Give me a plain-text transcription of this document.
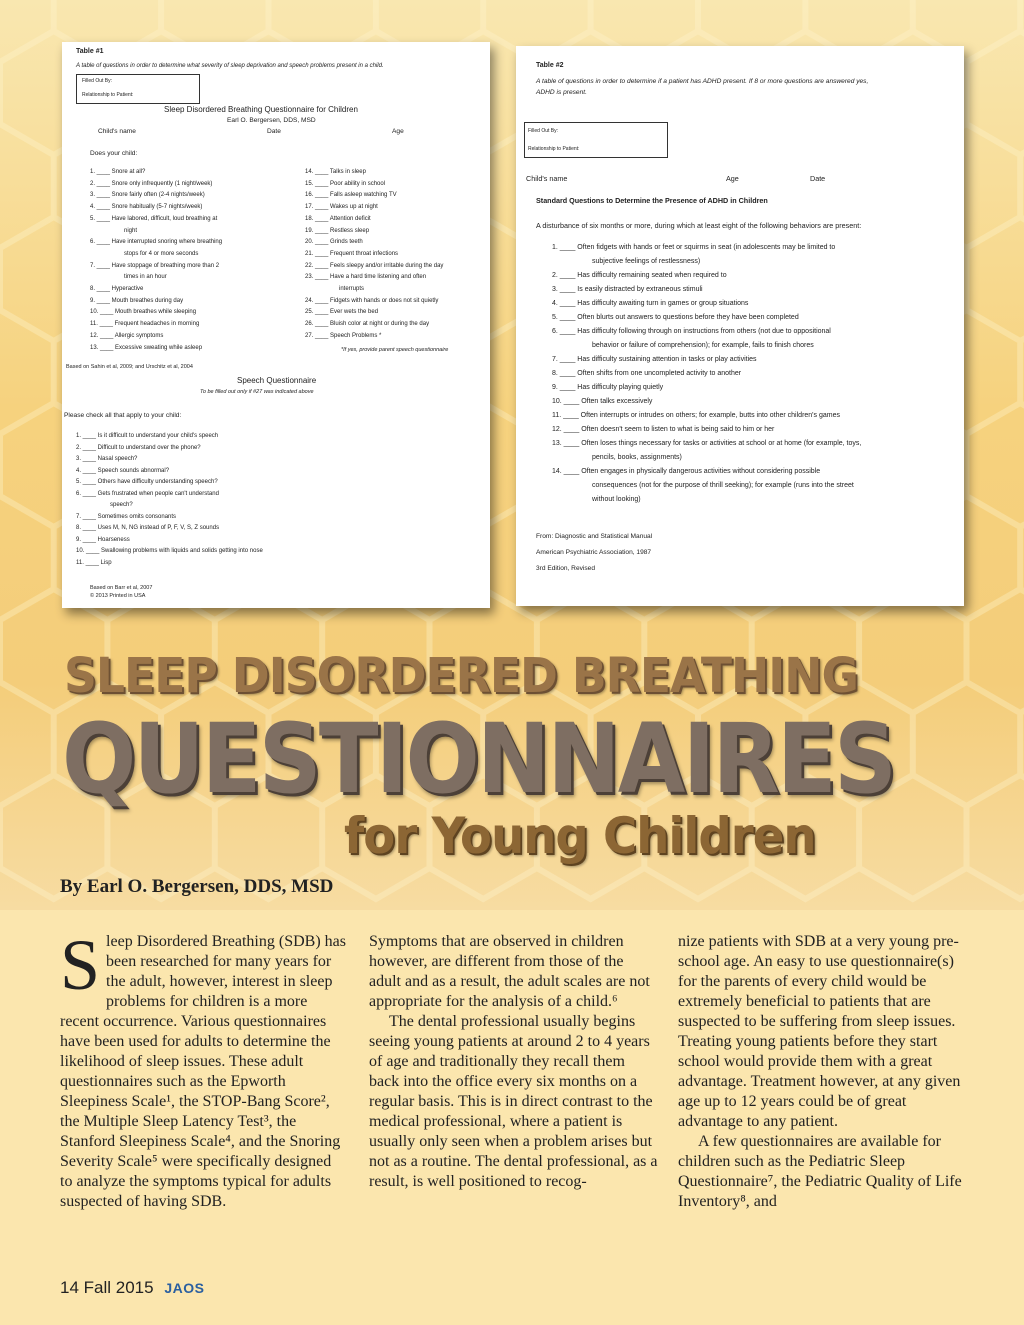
Table #1
A table of questions in order to determine what severity of sleep deprivation and speech problems present in a child.
Filled Out By:
Relationship to Patient:
Sleep Disordered Breathing Questionnaire for Children
Earl O. Bergersen, DDS, MSD
Child's name	Date	Age
Does your child:
1. ____ Snore at all?
2. ____ Snore only infrequently (1 night/week)
3. ____ Snore fairly often (2-4 nights/week)
4. ____ Snore habitually (5-7 nights/week)
5. ____ Have labored, difficult, loud breathing at
night
6. ____ Have interrupted snoring where breathing
stops for 4 or more seconds
7. ____ Have stoppage of breathing more than 2
times in an hour
8. ____ Hyperactive
9. ____ Mouth breathes during day
10. ____ Mouth breathes while sleeping
11. ____ Frequent headaches in morning
12. ____ Allergic symptoms
13. ____ Excessive sweating while asleep
14. ____ Talks in sleep
15. ____ Poor ability in school
16. ____ Falls asleep watching TV
17. ____ Wakes up at night
18. ____ Attention deficit
19. ____ Restless sleep
20. ____ Grinds teeth
21. ____ Frequent throat infections
22. ____ Feels sleepy and/or irritable during the day
23. ____ Have a hard time listening and often
interrupts
24. ____ Fidgets with hands or does not sit quietly
25. ____ Ever wets the bed
26. ____ Bluish color at night or during the day
27. ____ Speech Problems *
*If yes, provide parent speech questionnaire
Based on Sahin et al, 2009; and Urschitz et al, 2004
Speech Questionnaire
To be filled out only if #27 was indicated above
Please check all that apply to your child:
1. ____ Is it difficult to understand your child's speech
2. ____ Difficult to understand over the phone?
3. ____ Nasal speech?
4. ____ Speech sounds abnormal?
5. ____ Others have difficulty understanding speech?
6. ____ Gets frustrated when people can't understand
speech?
7. ____ Sometimes omits consonants
8. ____ Uses M, N, NG instead of P, F, V, S, Z sounds
9. ____ Hoarseness
10. ____ Swallowing problems with liquids and solids getting into nose
11. ____ Lisp
Based on Barr et al, 2007
© 2013 Printed in USA
Table #2
A table of questions in order to determine if a patient has ADHD present. If 8 or more questions are answered yes,
ADHD is present.
Filled Out By:
Relationship to Patient:
Child's name	Age	Date
Standard Questions to Determine the Presence of ADHD in Children
A disturbance of six months or more, during which at least eight of the following behaviors are present:
1. ____ Often fidgets with hands or feet or squirms in seat (in adolescents may be limited to
subjective feelings of restlessness)
2. ____ Has difficulty remaining seated when required to
3. ____ Is easily distracted by extraneous stimuli
4. ____ Has difficulty awaiting turn in games or group situations
5. ____ Often blurts out answers to questions before they have been completed
6. ____ Has difficulty following through on instructions from others (not due to oppositional
behavior or failure of comprehension); for example, fails to finish chores
7. ____ Has difficulty sustaining attention in tasks or play activities
8. ____ Often shifts from one uncompleted activity to another
9. ____ Has difficulty playing quietly
10. ____ Often talks excessively
11. ____ Often interrupts or intrudes on others; for example, butts into other children's games
12. ____ Often doesn't seem to listen to what is being said to him or her
13. ____ Often loses things necessary for tasks or activities at school or at home (for example, toys,
pencils, books, assignments)
14. ____ Often engages in physically dangerous activities without considering possible
consequences (not for the purpose of thrill seeking); for example (runs into the street
without looking)
From: Diagnostic and Statistical Manual
American Psychiatric Association, 1987
3rd Edition, Revised
SLEEP DISORDERED BREATHING
QUESTIONNAIRES
for Young Children
By Earl O. Bergersen, DDS, MSD

Sleep Disordered Breathing (SDB) has been researched for many years for the adult, however, interest in sleep problems for children is a more recent occurrence. Various questionnaires have been used for adults to determine the likelihood of sleep issues. These adult questionnaires such as the Epworth Sleepiness Scale¹, the STOP-Bang Score², the Multiple Sleep Latency Test³, the Stanford Sleepiness Scale⁴, and the Snoring Severity Scale⁵ were specifically designed to analyze the symptoms typical for adults suspected of having SDB.

Symptoms that are observed in children however, are different from those of the adult and as a result, the adult scales are not appropriate for the analysis of a child.⁶

The dental professional usually begins seeing young patients at around 2 to 4 years of age and traditionally they recall them back into the office every six months on a regular basis. This is in direct contrast to the medical professional, where a patient is usually only seen when a problem arises but not as a routine. The dental professional, as a result, is well positioned to recog-

nize patients with SDB at a very young pre-school age. An easy to use questionnaire(s) for the parents of every child would be extremely beneficial to patients that are suspected to be suffering from sleep issues. Treating young patients before they start school would provide them with a great advantage. Treatment however, at any given age up to 12 years could be of great advantage to any patient.

A few questionnaires are available for children such as the Pediatric Sleep Questionnaire⁷, the Pediatric Quality of Life Inventory⁸, and

14 Fall 2015 JAOS
